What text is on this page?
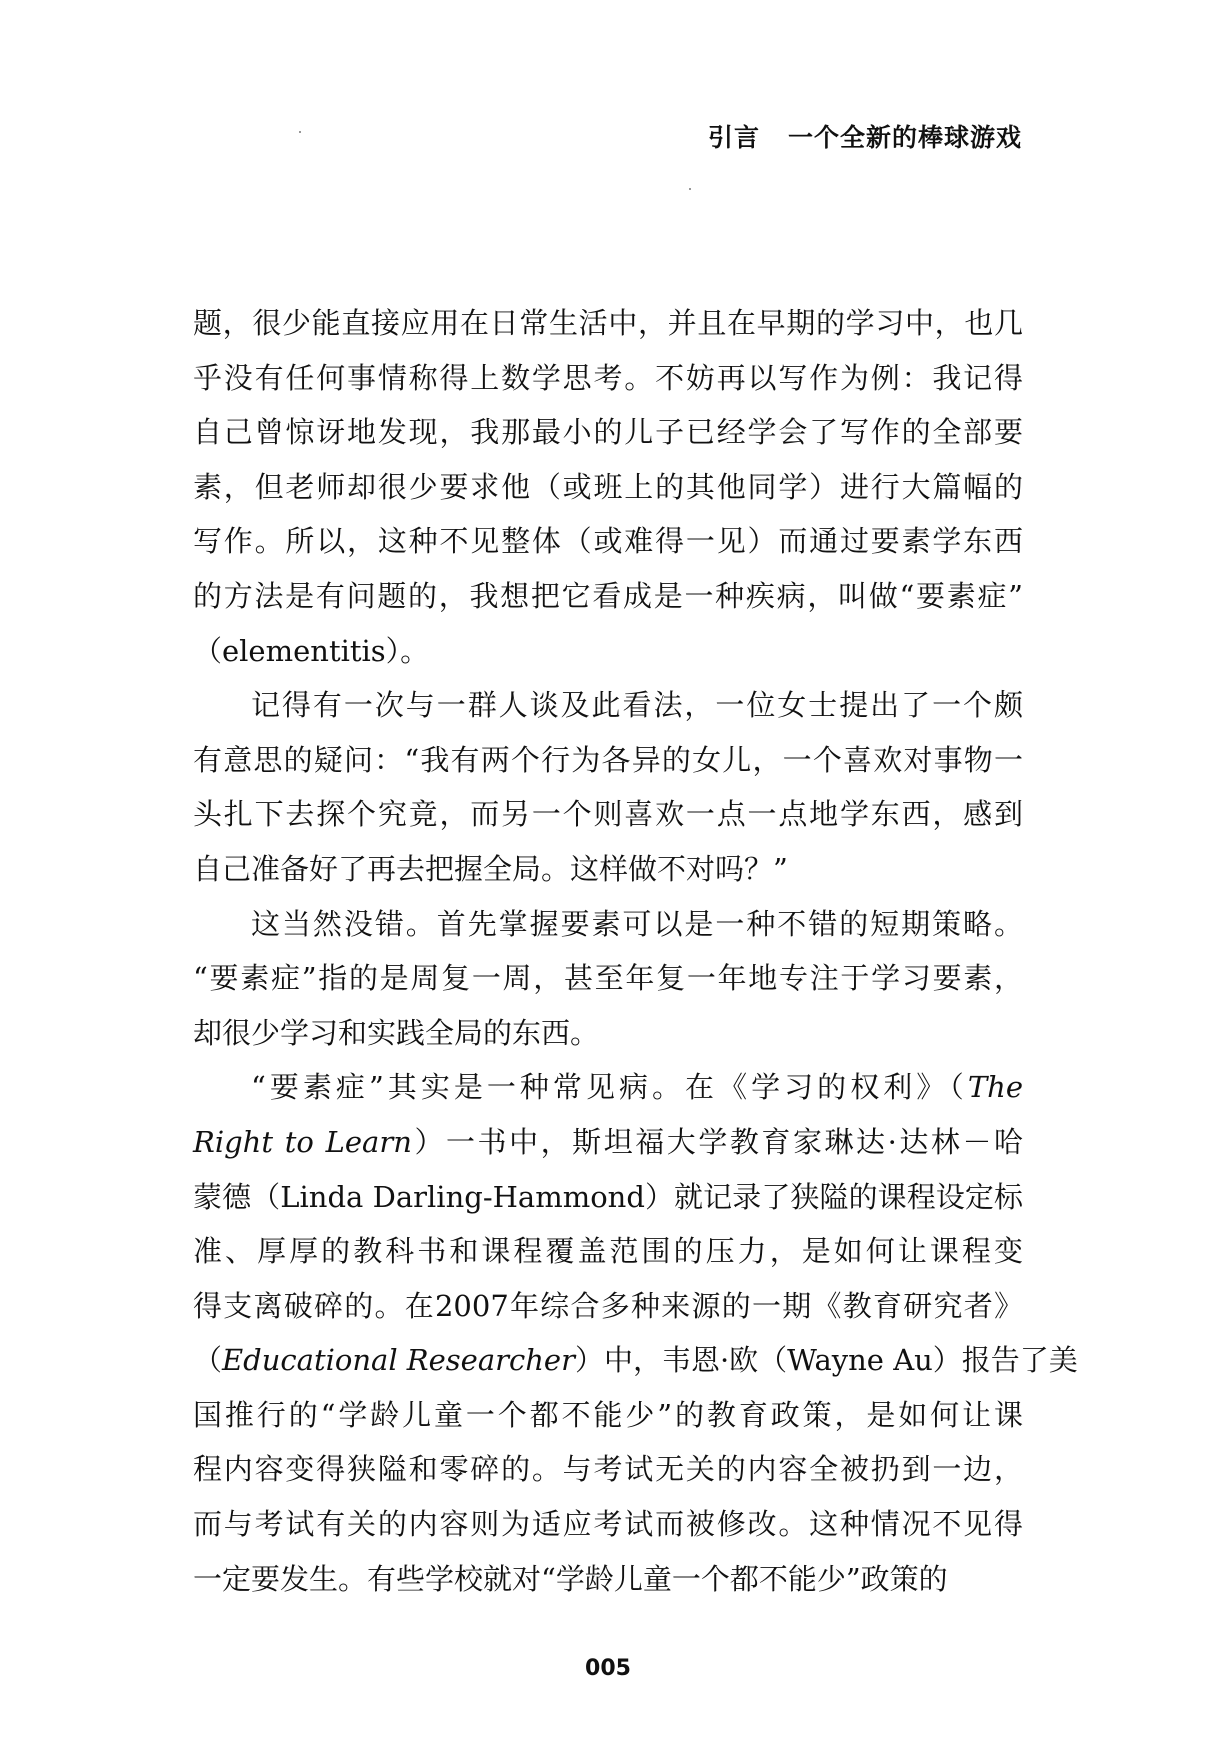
引言 一个全新的棒球游戏
题，很少能直接应用在日常生活中，并且在早期的学习中，也几
乎没有任何事情称得上数学思考。不妨再以写作为例：我记得
自己曾惊讶地发现，我那最小的儿子已经学会了写作的全部要
素，但老师却很少要求他（或班上的其他同学）进行大篇幅的
写作。所以，这种不见整体（或难得一见）而通过要素学东西
的方法是有问题的，我想把它看成是一种疾病，叫做“要素症”
（elementitis）。
记得有一次与一群人谈及此看法，一位女士提出了一个颇
有意思的疑问：“我有两个行为各异的女儿，一个喜欢对事物一
头扎下去探个究竟，而另一个则喜欢一点一点地学东西，感到
自己准备好了再去把握全局。这样做不对吗？”
这当然没错。首先掌握要素可以是一种不错的短期策略。
“要素症”指的是周复一周，甚至年复一年地专注于学习要素，
却很少学习和实践全局的东西。
“要素症”其实是一种常见病。在《学习的权利》（The
Right to Learn）一书中，斯坦福大学教育家琳达·达林－哈
蒙德（Linda Darling-Hammond）就记录了狭隘的课程设定标
准、厚厚的教科书和课程覆盖范围的压力，是如何让课程变
得支离破碎的。在2007年综合多种来源的一期《教育研究者》
（Educational Researcher）中，韦恩·欧（Wayne Au）报告了美
国推行的“学龄儿童一个都不能少”的教育政策，是如何让课
程内容变得狭隘和零碎的。与考试无关的内容全被扔到一边，
而与考试有关的内容则为适应考试而被修改。这种情况不见得
一定要发生。有些学校就对“学龄儿童一个都不能少”政策的
005
